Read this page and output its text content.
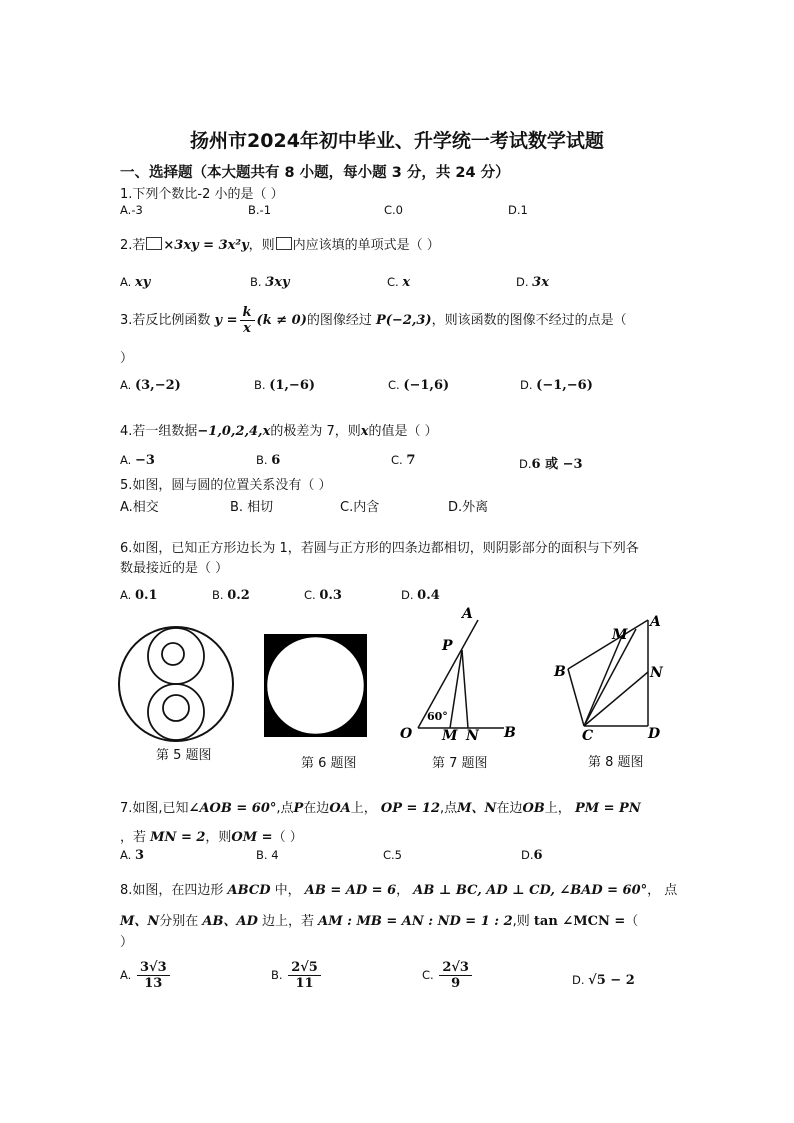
扬州市2024年初中毕业、升学统一考试数学试题
一、选择题（本大题共有 8 小题，每小题 3 分，共 24 分）
1.下列个数比-2 小的是（ ）
A.-3	B.-1	C.0	D.1
2.若 ×3xy = 3x²y，则 内应该填的单项式是（ ）
A. xy	B. 3xy	C. x	D. 3x
3.若反比例函数 $y = \frac{k}{x} (k \ne 0)$的图像经过 P(−2,3)，则该函数的图像不经过的点是（
）
A. (3,−2)	B. (1,−6)	C. (−1,6)	D. (−1,−6)
4.若一组数据−1,0,2,4,x的极差为 7，则x的值是（ ）
A. −3	B. 6	C. 7	D.6 或 −3
5.如图，圆与圆的位置关系没有（ ）
A.相交	B. 相切	C.内含	D.外离
6.如图，已知正方形边长为 1，若圆与正方形的四条边都相切，则阴影部分的面积与下列各
数最接近的是（ ）
A. 0.1	B. 0.2	C. 0.3	D. 0.4
第 5 题图
第 6 题图
A
P
O M N B
60°
第 7 题图
M
A
B	N
C	D
第 8 题图
7.如图,已知∠AOB = 60°,点P在边OA上， OP = 12,点M、N在边OB上， PM = PN
，若 MN = 2，则OM =（ ）
A. 3	B. 4	C.5	D.6
8.如图，在四边形 ABCD 中， AB = AD = 6， AB ⊥ BC, AD ⊥ CD, ∠BAD = 60°， 点
M、N分别在 AB、AD 边上，若 AM : MB = AN : ND = 1 : 2,则 tan ∠MCN =（
）
A. $\frac{3√3}{13}$	B. $\frac{2√5}{11}$	C. $\frac{2√3}{9}$	D. √5 − 2
